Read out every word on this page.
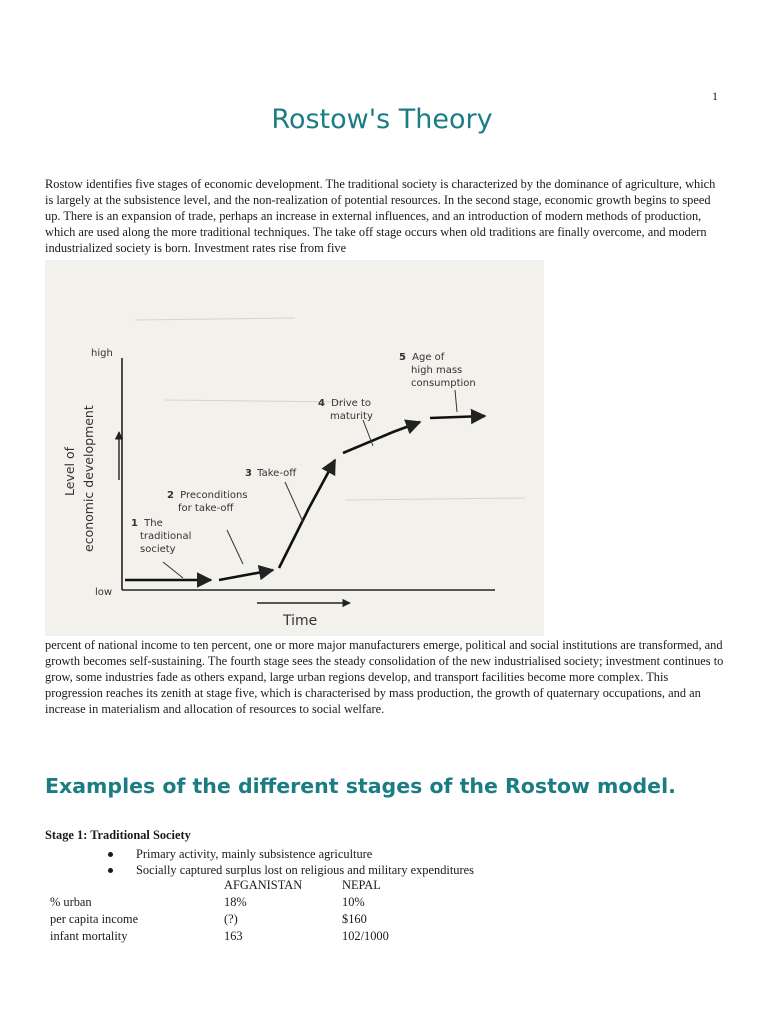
1
Rostow's Theory

Rostow identifies five stages of economic development. The traditional society is characterized by the dominance of agriculture, which is largely at the subsistence level, and the non-realization of potential resources. In the second stage, economic growth begins to speed up. There is an expansion of trade, perhaps an increase in external influences, and an introduction of modern methods of production, which are used along the more traditional techniques. The take off stage occurs when old traditions are finally overcome, and modern industrialized society is born. Investment rates rise from five

high
low
Time
Level of economic development	1 The traditional society
2 Preconditions for take-off
3 Take-off
4 Drive to maturity
5 Age of high mass consumption

percent of national income to ten percent, one or more major manufacturers emerge, political and social institutions are transformed, and growth becomes self-sustaining. The fourth stage sees the steady consolidation of the new industrialised society; investment continues to grow, some industries fade as others expand, large urban regions develop, and transport facilities become more complex. This progression reaches its zenith at stage five, which is characterised by mass production, the growth of quaternary occupations, and an increase in materialism and allocation of resources to social welfare.

Examples of the different stages of the Rostow model.
Stage 1: Traditional Society
Primary activity, mainly subsistence agriculture
Socially captured surplus lost on religious and military expenditures
	AFGANISTAN	NEPAL
% urban	18%	10%
per capita income	(?)	$160
infant mortality	163	102/1000
